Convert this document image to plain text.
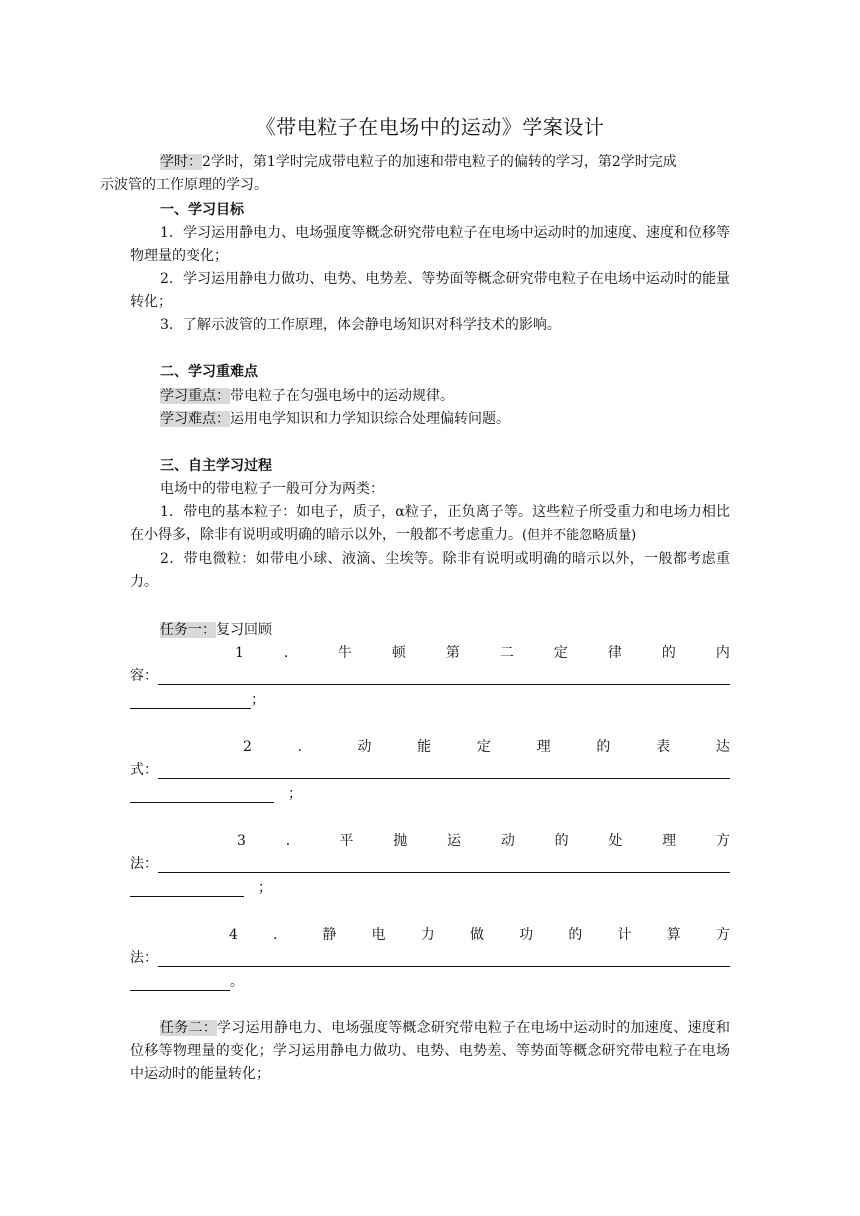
《带电粒子在电场中的运动》学案设计
学时：2学时，第1学时完成带电粒子的加速和带电粒子的偏转的学习，第2学时完成
示波管的工作原理的学习。
一、学习目标
1．学习运用静电力、电场强度等概念研究带电粒子在电场中运动时的加速度、速度和位移等物理量的变化；
2．学习运用静电力做功、电势、电势差、等势面等概念研究带电粒子在电场中运动时的能量转化；
3．了解示波管的工作原理，体会静电场知识对科学技术的影响。
二、学习重难点
学习重点：带电粒子在匀强电场中的运动规律。
学习难点：运用电学知识和力学知识综合处理偏转问题。
三、自主学习过程
电场中的带电粒子一般可分为两类：
1．带电的基本粒子：如电子，质子，α粒子，正负离子等。这些粒子所受重力和电场力相比在小得多，除非有说明或明确的暗示以外，一般都不考虑重力。(但并不能忽略质量)
2．带电微粒：如带电小球、液滴、尘埃等。除非有说明或明确的暗示以外，一般都考虑重力。
任务一：复习回顾
1	．	牛	顿	第	二	定	律	的	内
容：
；
2	．	动	能	定	理	的	表	达
式：
；
3	．	平	抛	运	动	的	处	理	方
法：
；
4	．	静	电	力	做	功	的	计	算	方
法：
。
任务二：学习运用静电力、电场强度等概念研究带电粒子在电场中运动时的加速度、速度和位移等物理量的变化；学习运用静电力做功、电势、电势差、等势面等概念研究带电粒子在电场中运动时的能量转化；
